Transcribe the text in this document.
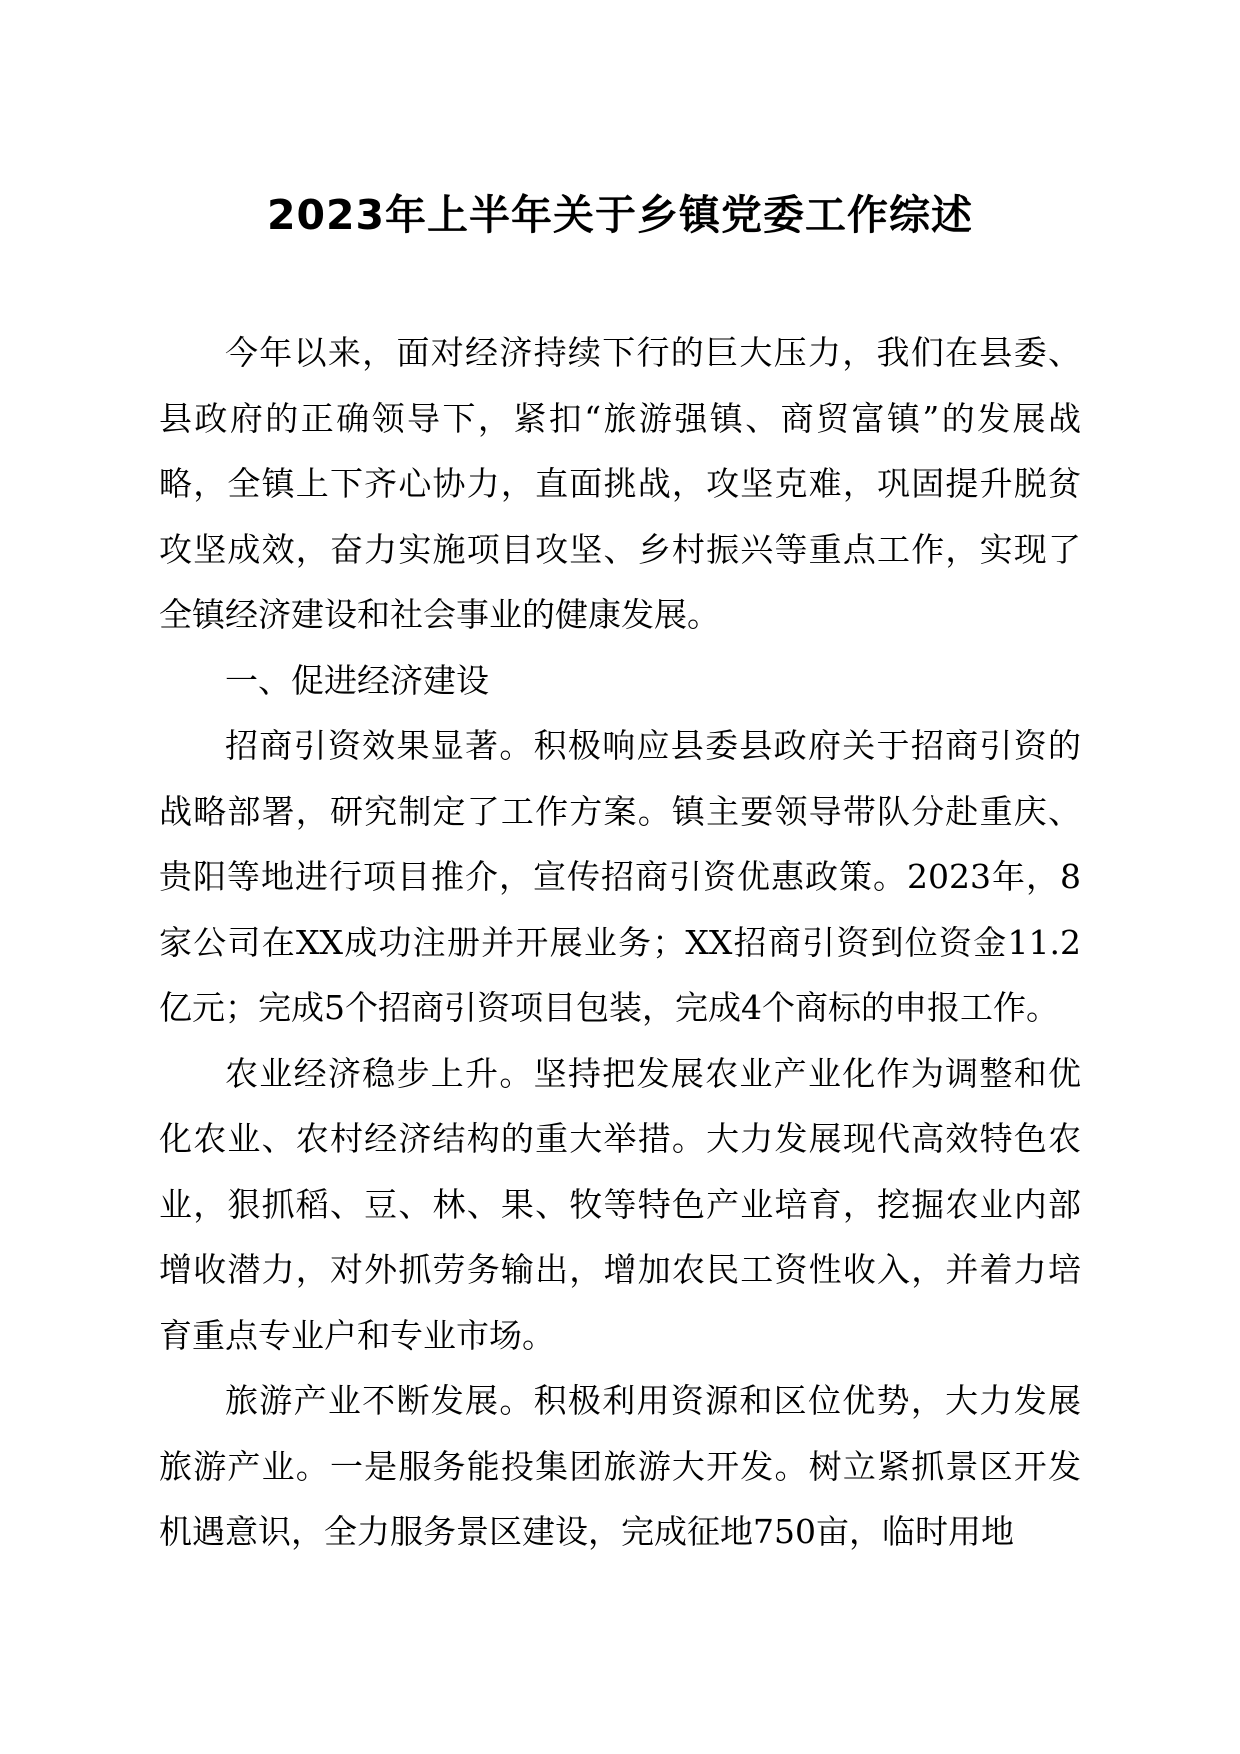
2023年上半年关于乡镇党委工作综述

今年以来，面对经济持续下行的巨大压力，我们在县委、县政府的正确领导下，紧扣“旅游强镇、商贸富镇”的发展战略，全镇上下齐心协力，直面挑战，攻坚克难，巩固提升脱贫攻坚成效，奋力实施项目攻坚、乡村振兴等重点工作，实现了全镇经济建设和社会事业的健康发展。

一、促进经济建设

招商引资效果显著。积极响应县委县政府关于招商引资的战略部署，研究制定了工作方案。镇主要领导带队分赴重庆、贵阳等地进行项目推介，宣传招商引资优惠政策。2023年，8家公司在XX成功注册并开展业务；XX招商引资到位资金11.2亿元；完成5个招商引资项目包装，完成4个商标的申报工作。

农业经济稳步上升。坚持把发展农业产业化作为调整和优化农业、农村经济结构的重大举措。大力发展现代高效特色农业，狠抓稻、豆、林、果、牧等特色产业培育，挖掘农业内部增收潜力，对外抓劳务输出，增加农民工资性收入，并着力培育重点专业户和专业市场。

旅游产业不断发展。积极利用资源和区位优势，大力发展旅游产业。一是服务能投集团旅游大开发。树立紧抓景区开发机遇意识，全力服务景区建设，完成征地750亩，临时用地
